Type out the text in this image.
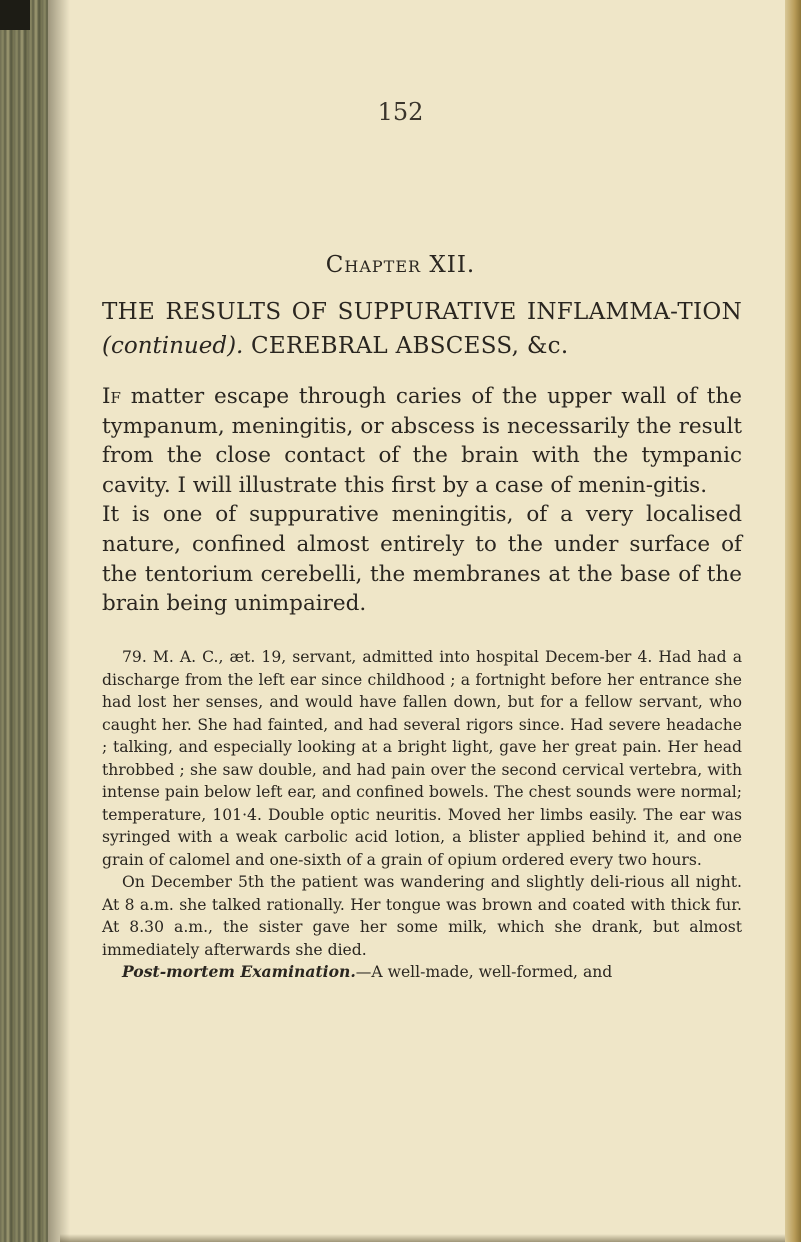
152
Chapter XII.
THE RESULTS OF SUPPURATIVE INFLAMMA-TION (continued). CEREBRAL ABSCESS, &c.

If matter escape through caries of the upper wall of the tympanum, meningitis, or abscess is necessarily the result from the close contact of the brain with the tympanic cavity. I will illustrate this first by a case of menin-gitis.

It is one of suppurative meningitis, of a very localised nature, confined almost entirely to the under surface of the tentorium cerebelli, the membranes at the base of the brain being unimpaired.

79. M. A. C., æt. 19, servant, admitted into hospital Decem-ber 4. Had had a discharge from the left ear since childhood ; a fortnight before her entrance she had lost her senses, and would have fallen down, but for a fellow servant, who caught her. She had fainted, and had several rigors since. Had severe headache ; talking, and especially looking at a bright light, gave her great pain. Her head throbbed ; she saw double, and had pain over the second cervical vertebra, with intense pain below left ear, and confined bowels. The chest sounds were normal; temperature, 101·4. Double optic neuritis. Moved her limbs easily. The ear was syringed with a weak carbolic acid lotion, a blister applied behind it, and one grain of calomel and one-sixth of a grain of opium ordered every two hours.

On December 5th the patient was wandering and slightly deli-rious all night. At 8 a.m. she talked rationally. Her tongue was brown and coated with thick fur. At 8.30 a.m., the sister gave her some milk, which she drank, but almost immediately afterwards she died.

Post-mortem Examination.—A well-made, well-formed, and
